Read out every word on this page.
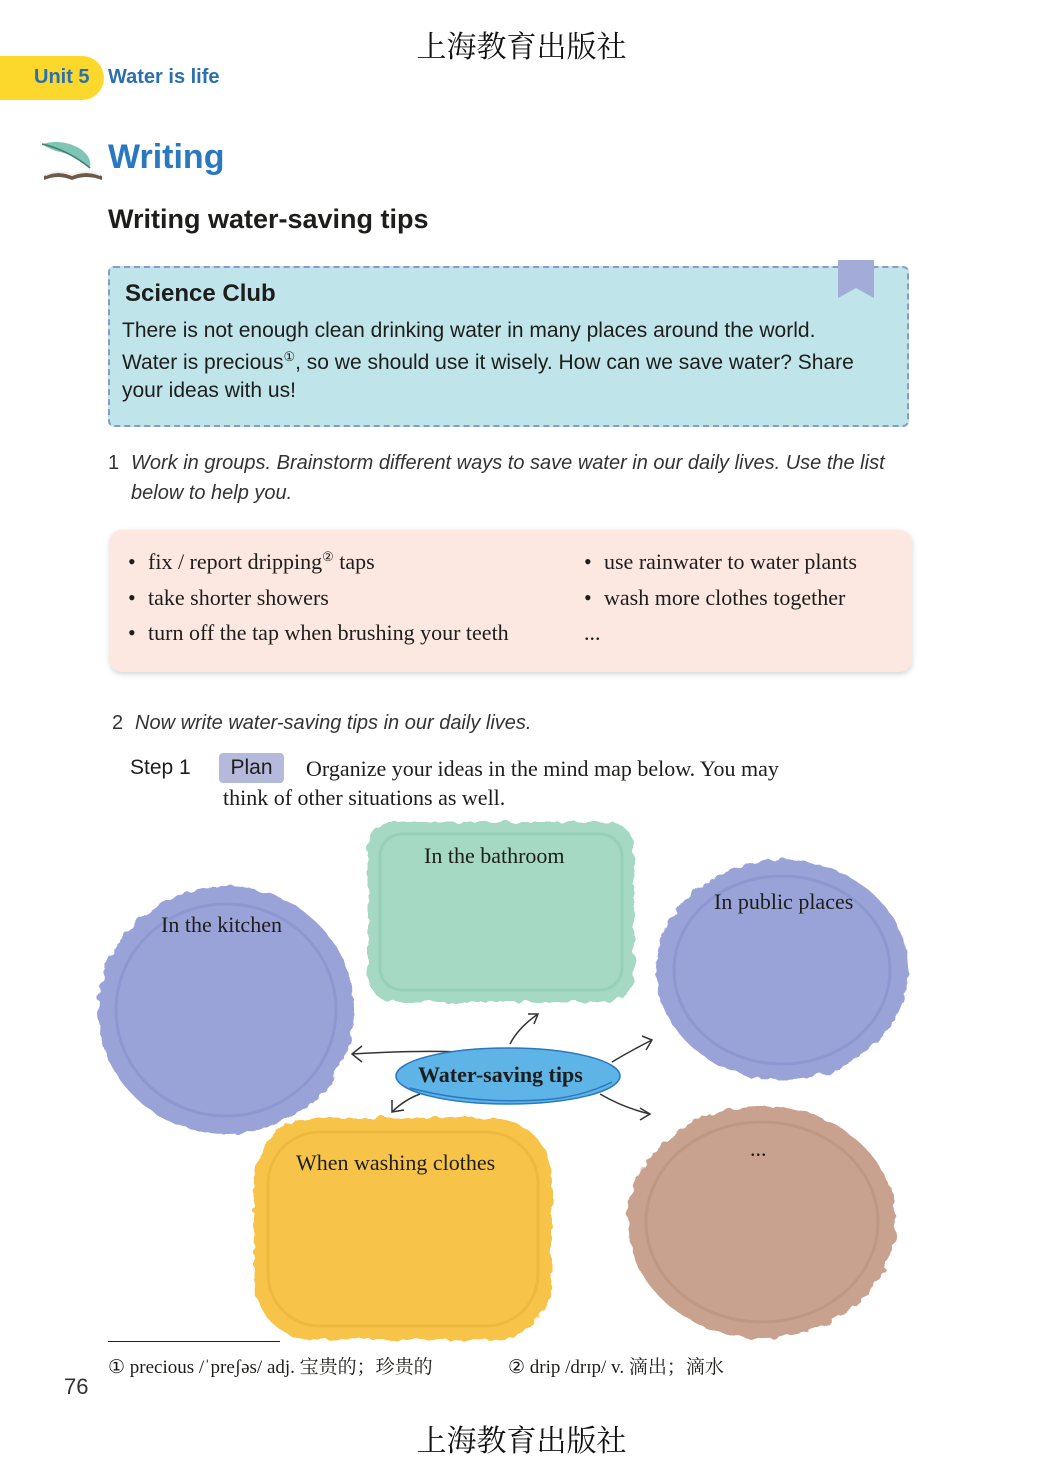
上海教育出版社
Unit 5 Water is life
Writing
Writing water-saving tips
Science Club
There is not enough clean drinking water in many places around the world.
Water is precious①, so we should use it wisely. How can we save water? Share
your ideas with us!
1 Work in groups. Brainstorm different ways to save water in our daily lives. Use the list
below to help you.
• fix / report dripping② taps
• take shorter showers
• turn off the tap when brushing your teeth
• use rainwater to water plants
• wash more clothes together
...
2 Now write water-saving tips in our daily lives.
Step 1	Plan	Organize your ideas in the mind map below. You may
think of other situations as well.
In the bathroom
In the kitchen
In public places
When washing clothes
...
Water-saving tips
① precious /ˈpreʃəs/ adj. 宝贵的；珍贵的	② drip /drɪp/ v. 滴出；滴水
76
上海教育出版社
